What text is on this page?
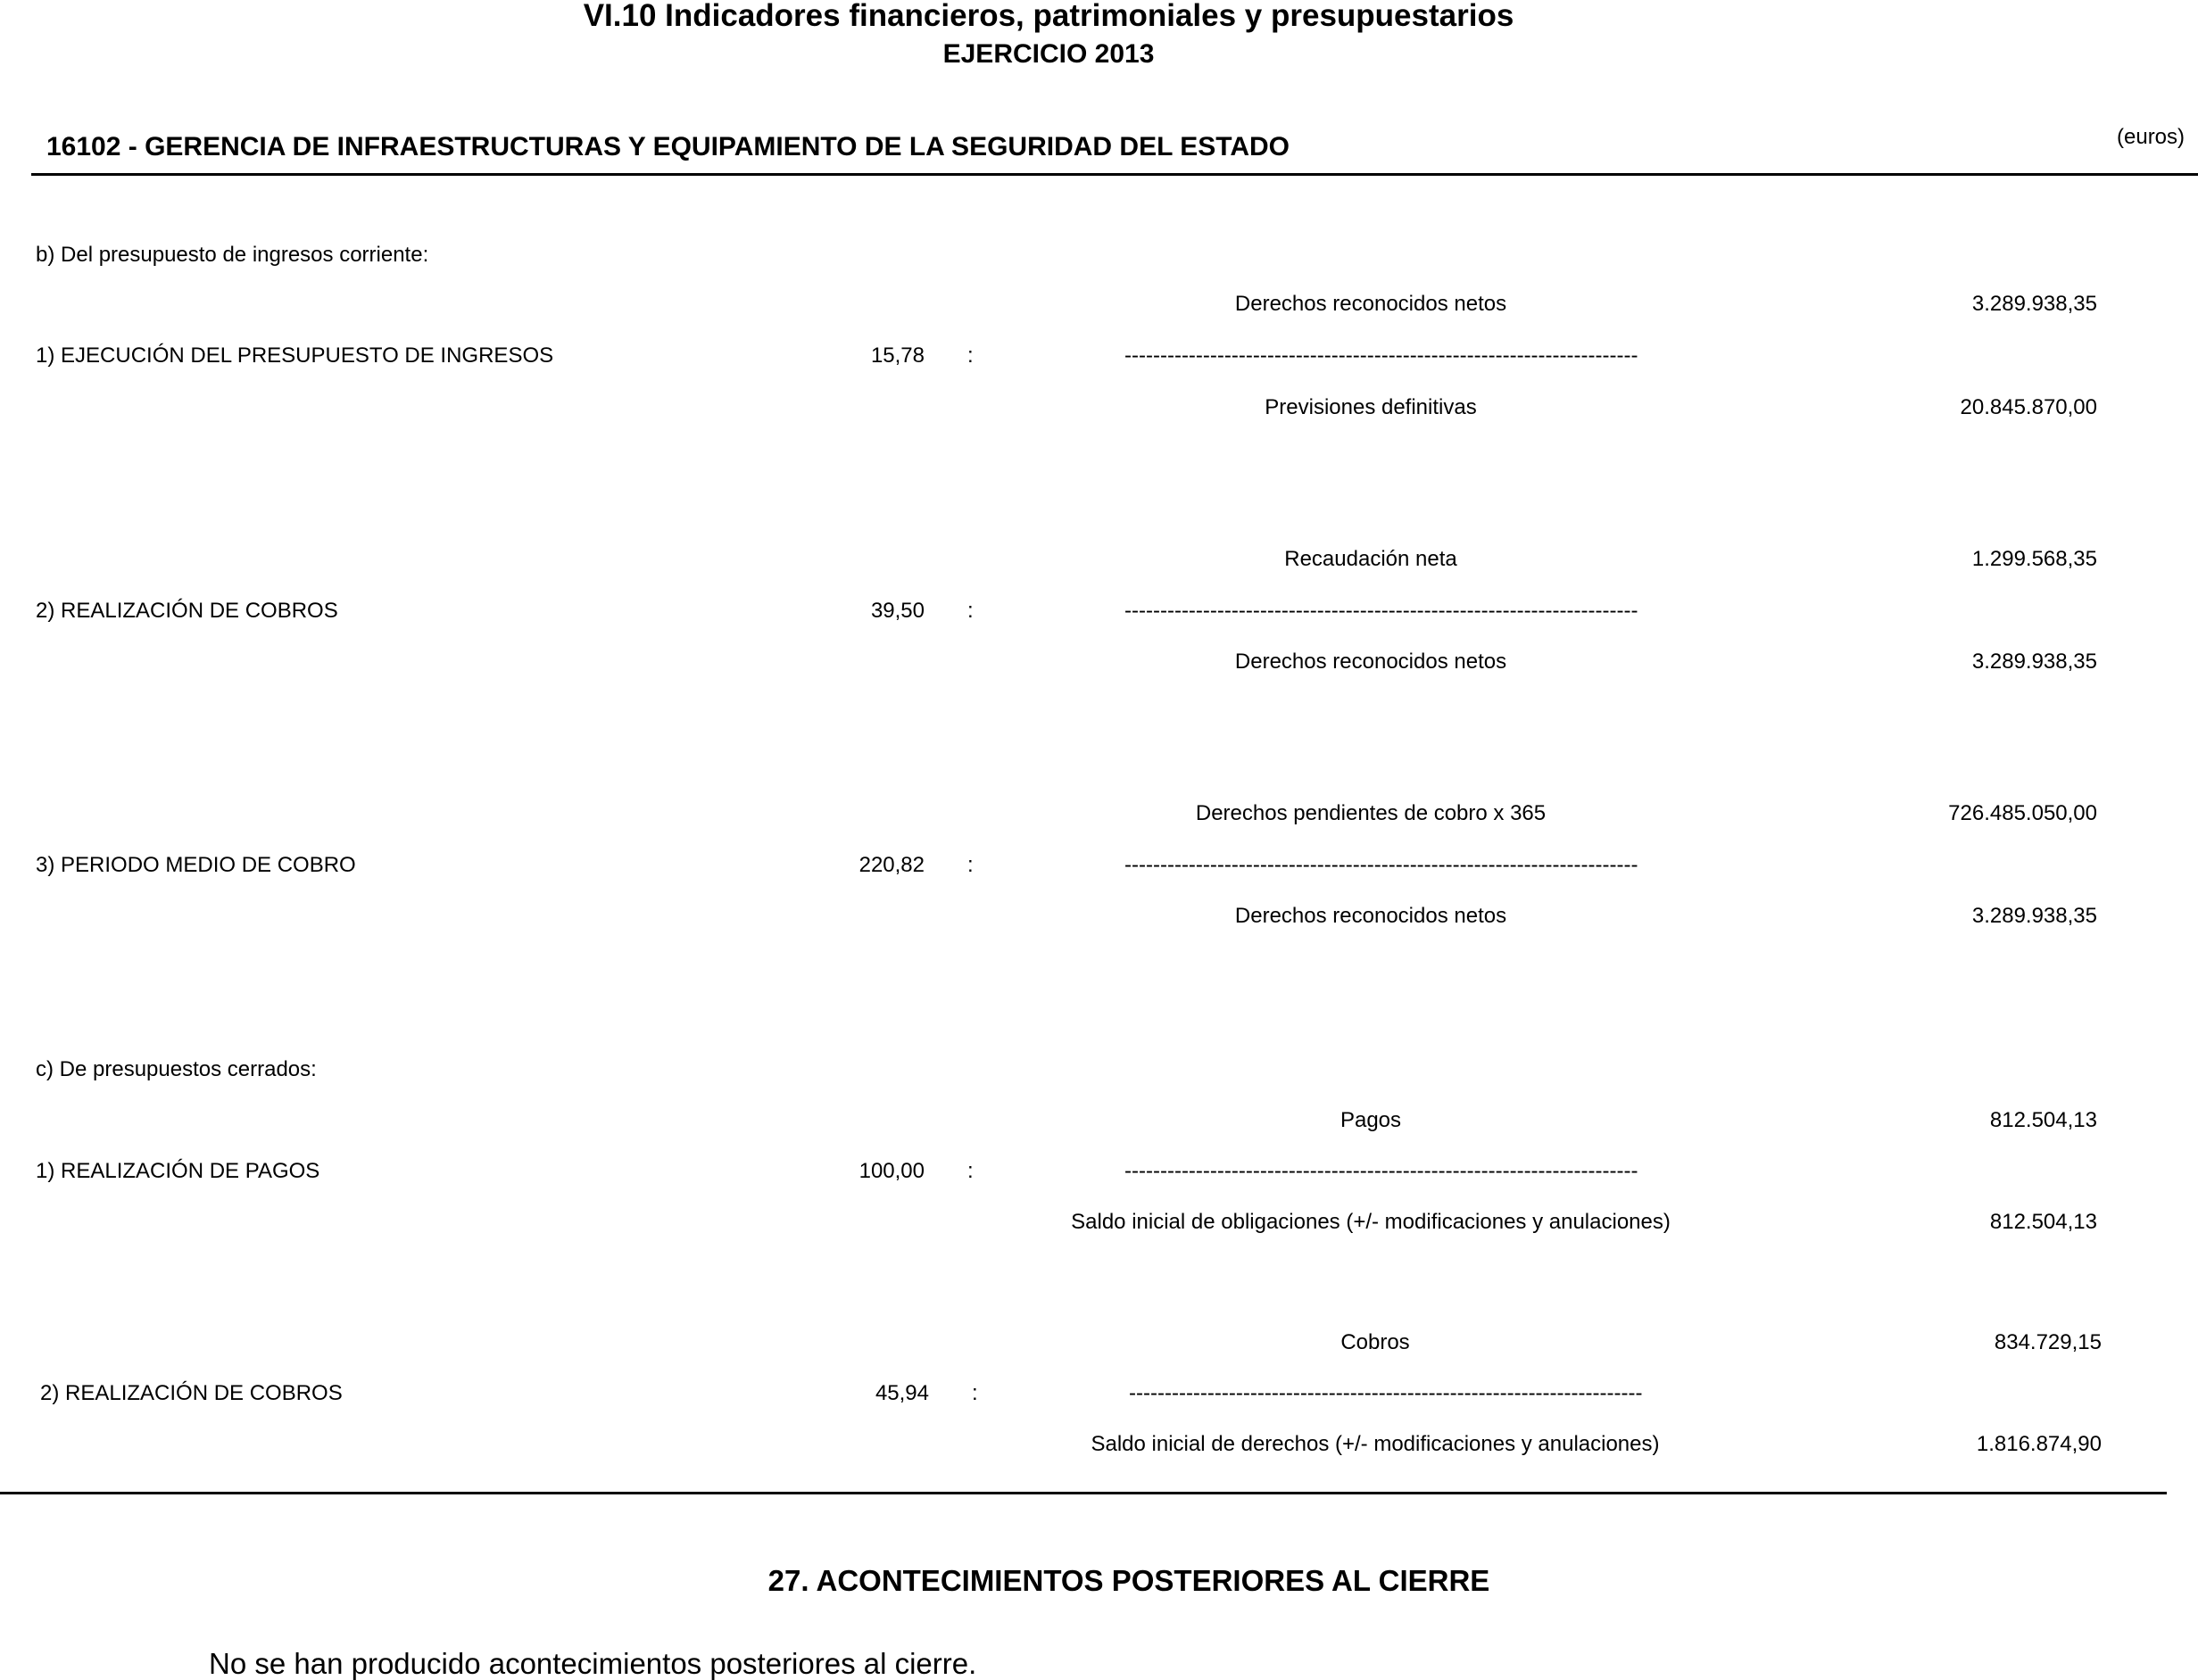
VI.10 Indicadores financieros, patrimoniales y presupuestarios
EJERCICIO 2013
16102 - GERENCIA DE INFRAESTRUCTURAS Y EQUIPAMIENTO DE LA SEGURIDAD DEL ESTADO	(euros)
b) Del presupuesto de ingresos corriente:
Derechos reconocidos netos	3.289.938,35
1) EJECUCIÓN DEL PRESUPUESTO DE INGRESOS	15,78 :	------------------------------------------------------------------------
Previsiones definitivas	20.845.870,00
Recaudación neta	1.299.568,35
2) REALIZACIÓN DE COBROS	39,50 :	------------------------------------------------------------------------
Derechos reconocidos netos	3.289.938,35
Derechos pendientes de cobro x 365	726.485.050,00
3) PERIODO MEDIO DE COBRO	220,82 :	------------------------------------------------------------------------
Derechos reconocidos netos	3.289.938,35
c) De presupuestos cerrados:
Pagos	812.504,13
1) REALIZACIÓN DE PAGOS	100,00 :	------------------------------------------------------------------------
Saldo inicial de obligaciones (+/- modificaciones y anulaciones)	812.504,13
Cobros	834.729,15
2) REALIZACIÓN DE COBROS	45,94 :	------------------------------------------------------------------------
Saldo inicial de derechos (+/- modificaciones y anulaciones)	1.816.874,90
27. ACONTECIMIENTOS POSTERIORES AL CIERRE
No se han producido acontecimientos posteriores al cierre.
